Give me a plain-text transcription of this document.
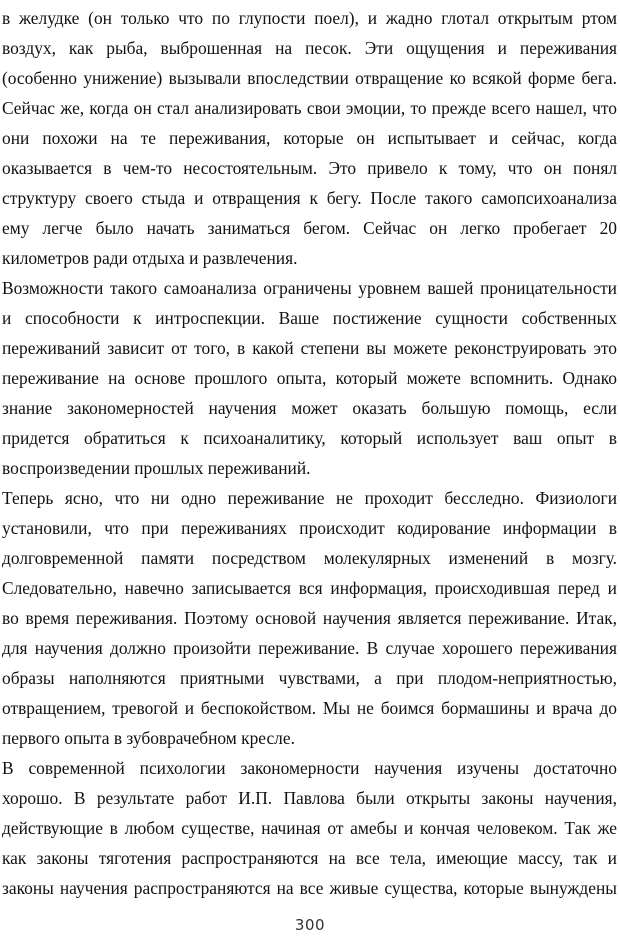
в желудке (он только что по глупости поел), и жадно глотал открытым ртом
воздух, как рыба, выброшенная на песок. Эти ощущения и переживания
(особенно унижение) вызывали впоследствии отвращение ко всякой форме бега.
Сейчас же, когда он стал анализировать свои эмоции, то прежде всего нашел, что
они похожи на те переживания, которые он испытывает и сейчас, когда
оказывается в чем-то несостоятельным. Это привело к тому, что он понял
структуру своего стыда и отвращения к бегу. После такого самопсихоанализа
ему легче было начать заниматься бегом. Сейчас он легко пробегает 20
километров ради отдыха и развлечения.
Возможности такого самоанализа ограничены уровнем вашей проницательности
и способности к интроспекции. Ваше постижение сущности собственных
переживаний зависит от того, в какой степени вы можете реконструировать это
переживание на основе прошлого опыта, который можете вспомнить. Однако
знание закономерностей научения может оказать большую помощь, если
придется обратиться к психоаналитику, который использует ваш опыт в
воспроизведении прошлых переживаний.
Теперь ясно, что ни одно переживание не проходит бесследно. Физиологи
установили, что при переживаниях происходит кодирование информации в
долговременной памяти посредством молекулярных изменений в мозгу.
Следовательно, навечно записывается вся информация, происходившая перед и
во время переживания. Поэтому основой научения является переживание. Итак,
для научения должно произойти переживание. В случае хорошего переживания
образы наполняются приятными чувствами, а при плодом-неприятностью,
отвращением, тревогой и беспокойством. Мы не боимся бормашины и врача до
первого опыта в зубоврачебном кресле.
В современной психологии закономерности научения изучены достаточно
хорошо. В результате работ И.П. Павлова были открыты законы научения,
действующие в любом существе, начиная от амебы и кончая человеком. Так же
как законы тяготения распространяются на все тела, имеющие массу, так и
законы научения распространяются на все живые существа, которые вынуждены
300
